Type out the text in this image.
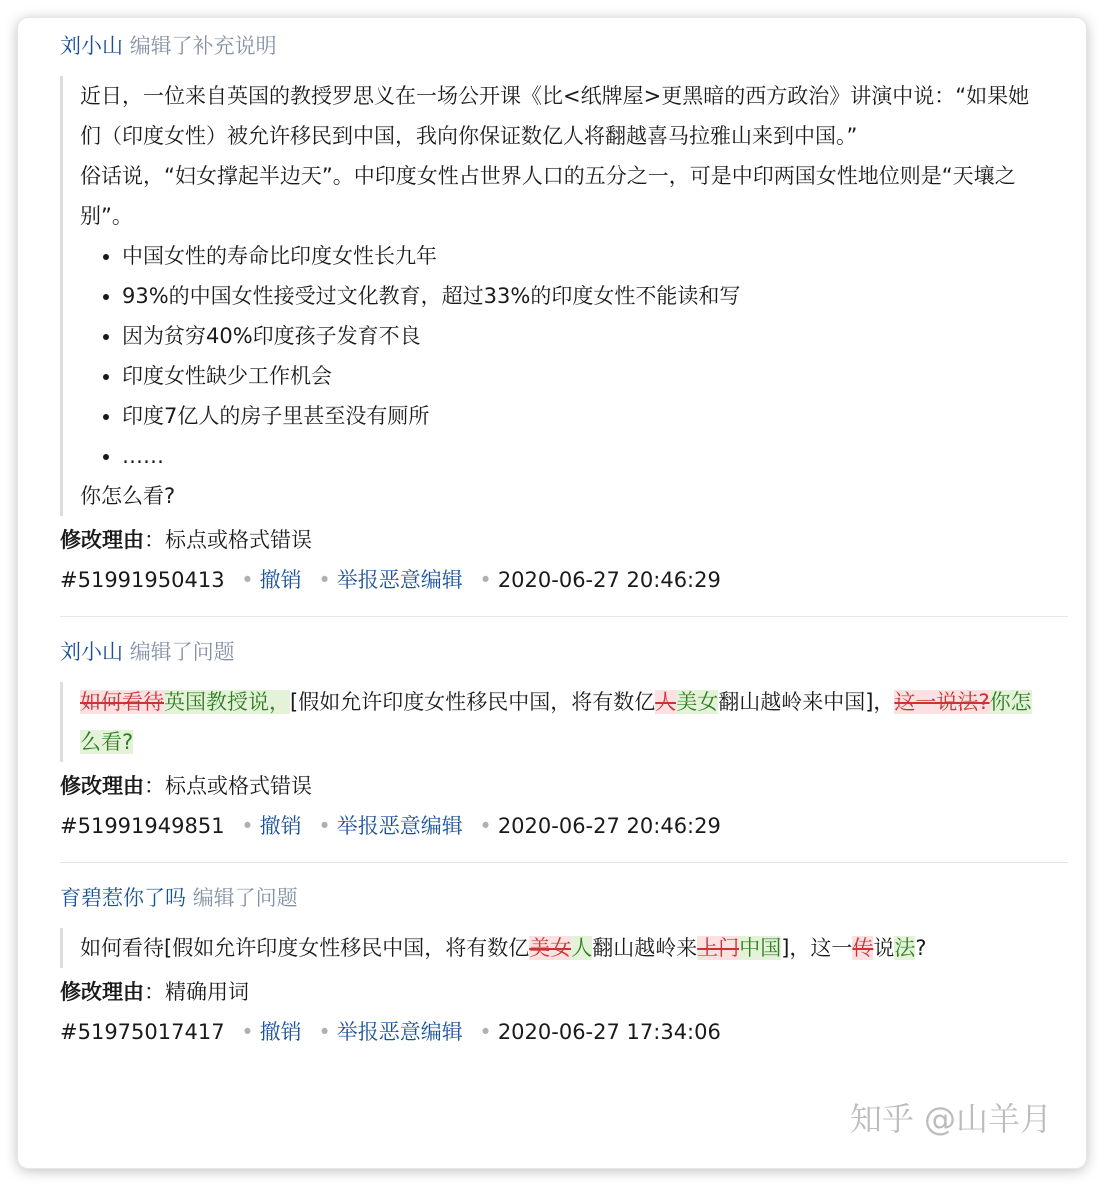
刘小山 编辑了补充说明

近日，一位来自英国的教授罗思义在一场公开课《比<纸牌屋>更黑暗的西方政治》讲演中说：“如果她们（印度女性）被允许移民到中国，我向你保证数亿人将翻越喜马拉雅山来到中国。”

俗话说，“妇女撑起半边天”。中印度女性占世界人口的五分之一，可是中印两国女性地位则是“天壤之别”。

• 中国女性的寿命比印度女性长九年
• 93%的中国女性接受过文化教育，超过33%的印度女性不能读和写
• 因为贫穷40%印度孩子发育不良
• 印度女性缺少工作机会
• 印度7亿人的房子里甚至没有厕所
• ……

你怎么看?

修改理由：标点或格式错误
#51991950413 • 撤销 • 举报恶意编辑 • 2020-06-27 20:46:29
刘小山 编辑了问题

如何看待英国教授说，[假如允许印度女性移民中国，将有数亿人美女翻山越岭来中国]，这一说法?你怎么看?

修改理由：标点或格式错误
#51991949851 • 撤销 • 举报恶意编辑 • 2020-06-27 20:46:29
育碧惹你了吗 编辑了问题

如何看待[假如允许印度女性移民中国，将有数亿美女人翻山越岭来上门中国]，这一传说法?

修改理由：精确用词
#51975017417 • 撤销 • 举报恶意编辑 • 2020-06-27 17:34:06
知乎 @山羊月
